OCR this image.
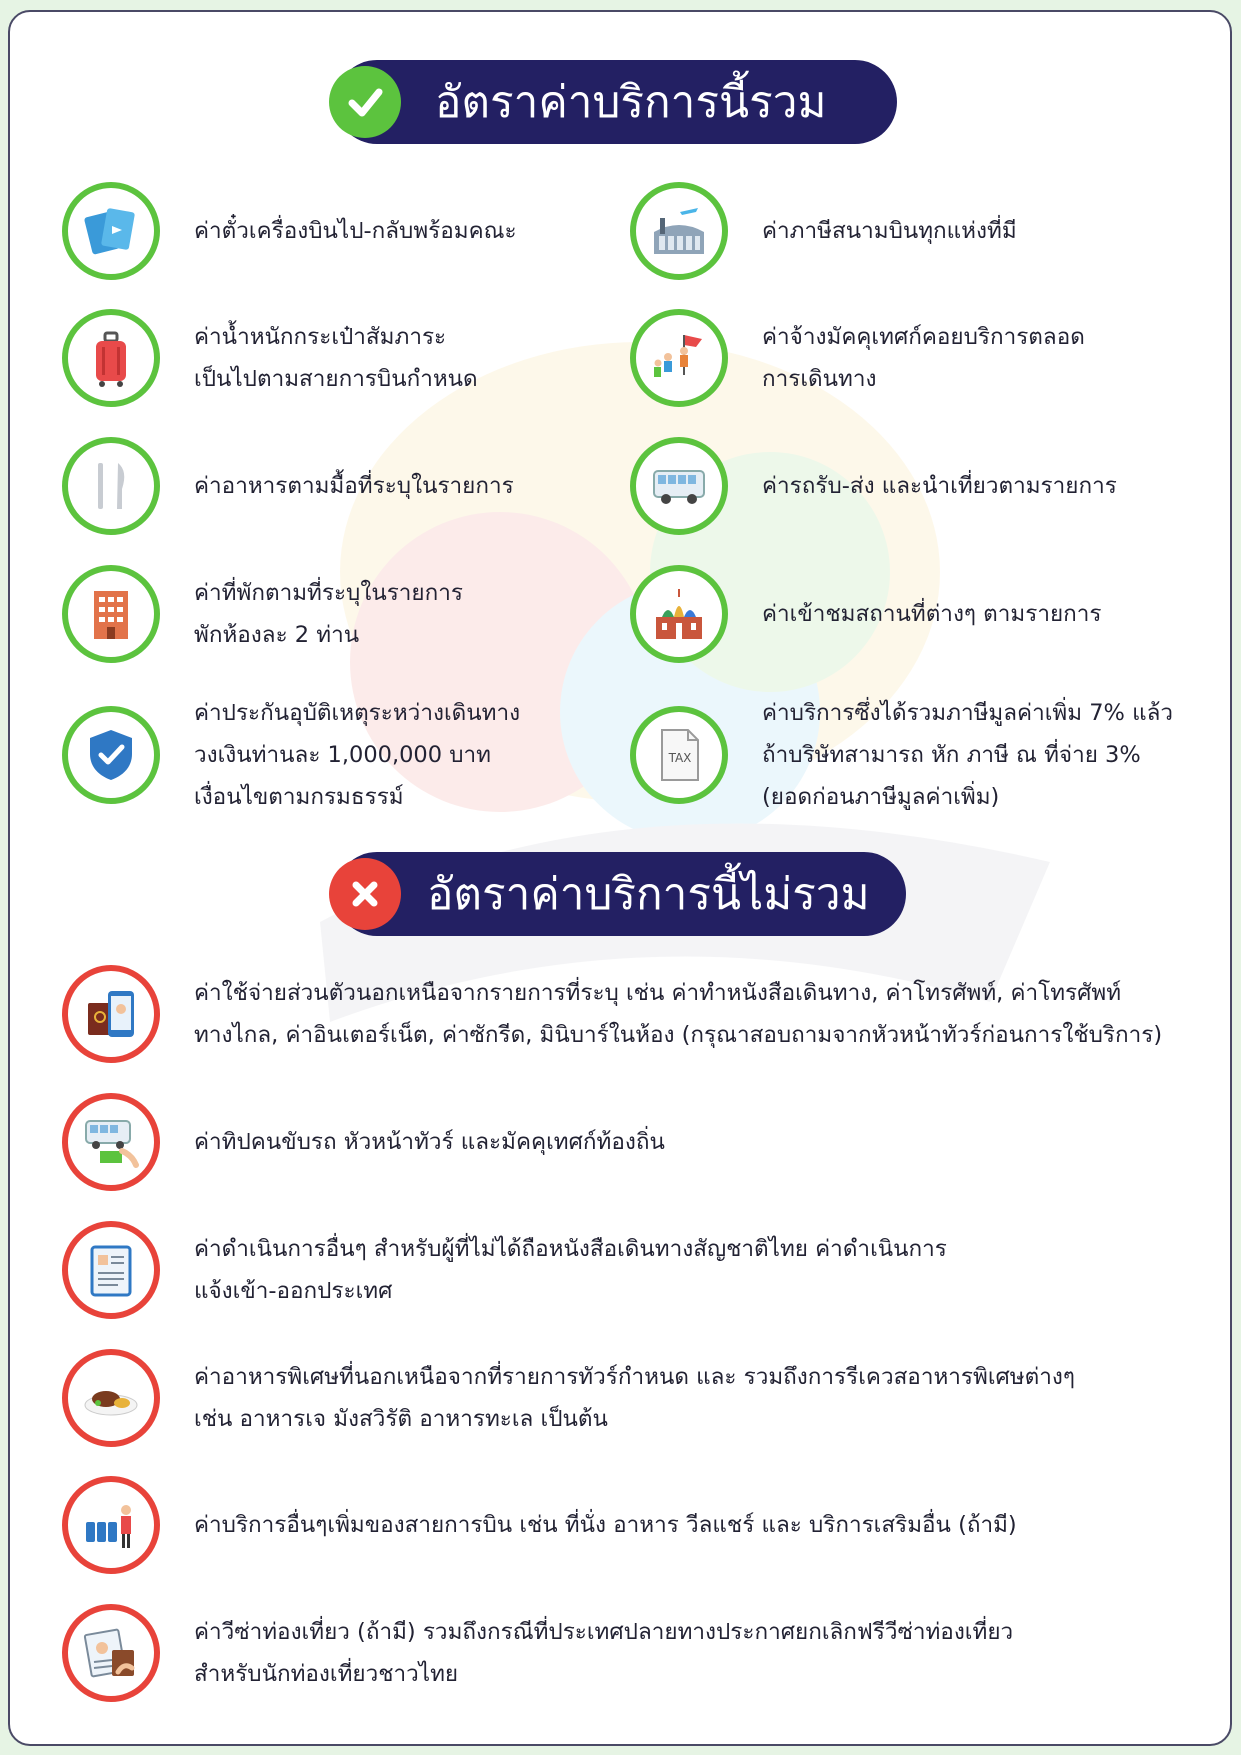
อัตราค่าบริการนี้รวม
ค่าตั๋วเครื่องบินไป-กลับพร้อมคณะ
ค่าน้ำหนักกระเป๋าสัมภาระ
เป็นไปตามสายการบินกำหนด
ค่าอาหารตามมื้อที่ระบุในรายการ
ค่าที่พักตามที่ระบุในรายการ
พักห้องละ 2 ท่าน
ค่าประกันอุบัติเหตุระหว่างเดินทาง
วงเงินท่านละ 1,000,000 บาท
เงื่อนไขตามกรมธรรม์
ค่าภาษีสนามบินทุกแห่งที่มี
ค่าจ้างมัคคุเทศก์คอยบริการตลอด
การเดินทาง
ค่ารถรับ-ส่ง และนำเที่ยวตามรายการ
ค่าเข้าชมสถานที่ต่างๆ ตามรายการ
TAX
ค่าบริการซึ่งได้รวมภาษีมูลค่าเพิ่ม 7% แล้ว
ถ้าบริษัทสามารถ หัก ภาษี ณ ที่จ่าย 3%
(ยอดก่อนภาษีมูลค่าเพิ่ม)
อัตราค่าบริการนี้ไม่รวม
ค่าใช้จ่ายส่วนตัวนอกเหนือจากรายการที่ระบุ เช่น ค่าทำหนังสือเดินทาง, ค่าโทรศัพท์, ค่าโทรศัพท์
ทางไกล, ค่าอินเตอร์เน็ต, ค่าซักรีด, มินิบาร์ในห้อง (กรุณาสอบถามจากหัวหน้าทัวร์ก่อนการใช้บริการ)
ค่าทิปคนขับรถ หัวหน้าทัวร์ และมัคคุเทศก์ท้องถิ่น
ค่าดำเนินการอื่นๆ สำหรับผู้ที่ไม่ได้ถือหนังสือเดินทางสัญชาติไทย ค่าดำเนินการ
แจ้งเข้า-ออกประเทศ
ค่าอาหารพิเศษที่นอกเหนือจากที่รายการทัวร์กำหนด และ รวมถึงการรีเควสอาหารพิเศษต่างๆ
เช่น อาหารเจ มังสวิรัติ อาหารทะเล เป็นต้น
ค่าบริการอื่นๆเพิ่มของสายการบิน เช่น ที่นั่ง อาหาร วีลแชร์ และ บริการเสริมอื่น (ถ้ามี)
ค่าวีซ่าท่องเที่ยว (ถ้ามี) รวมถึงกรณีที่ประเทศปลายทางประกาศยกเลิกฟรีวีซ่าท่องเที่ยว
สำหรับนักท่องเที่ยวชาวไทย
